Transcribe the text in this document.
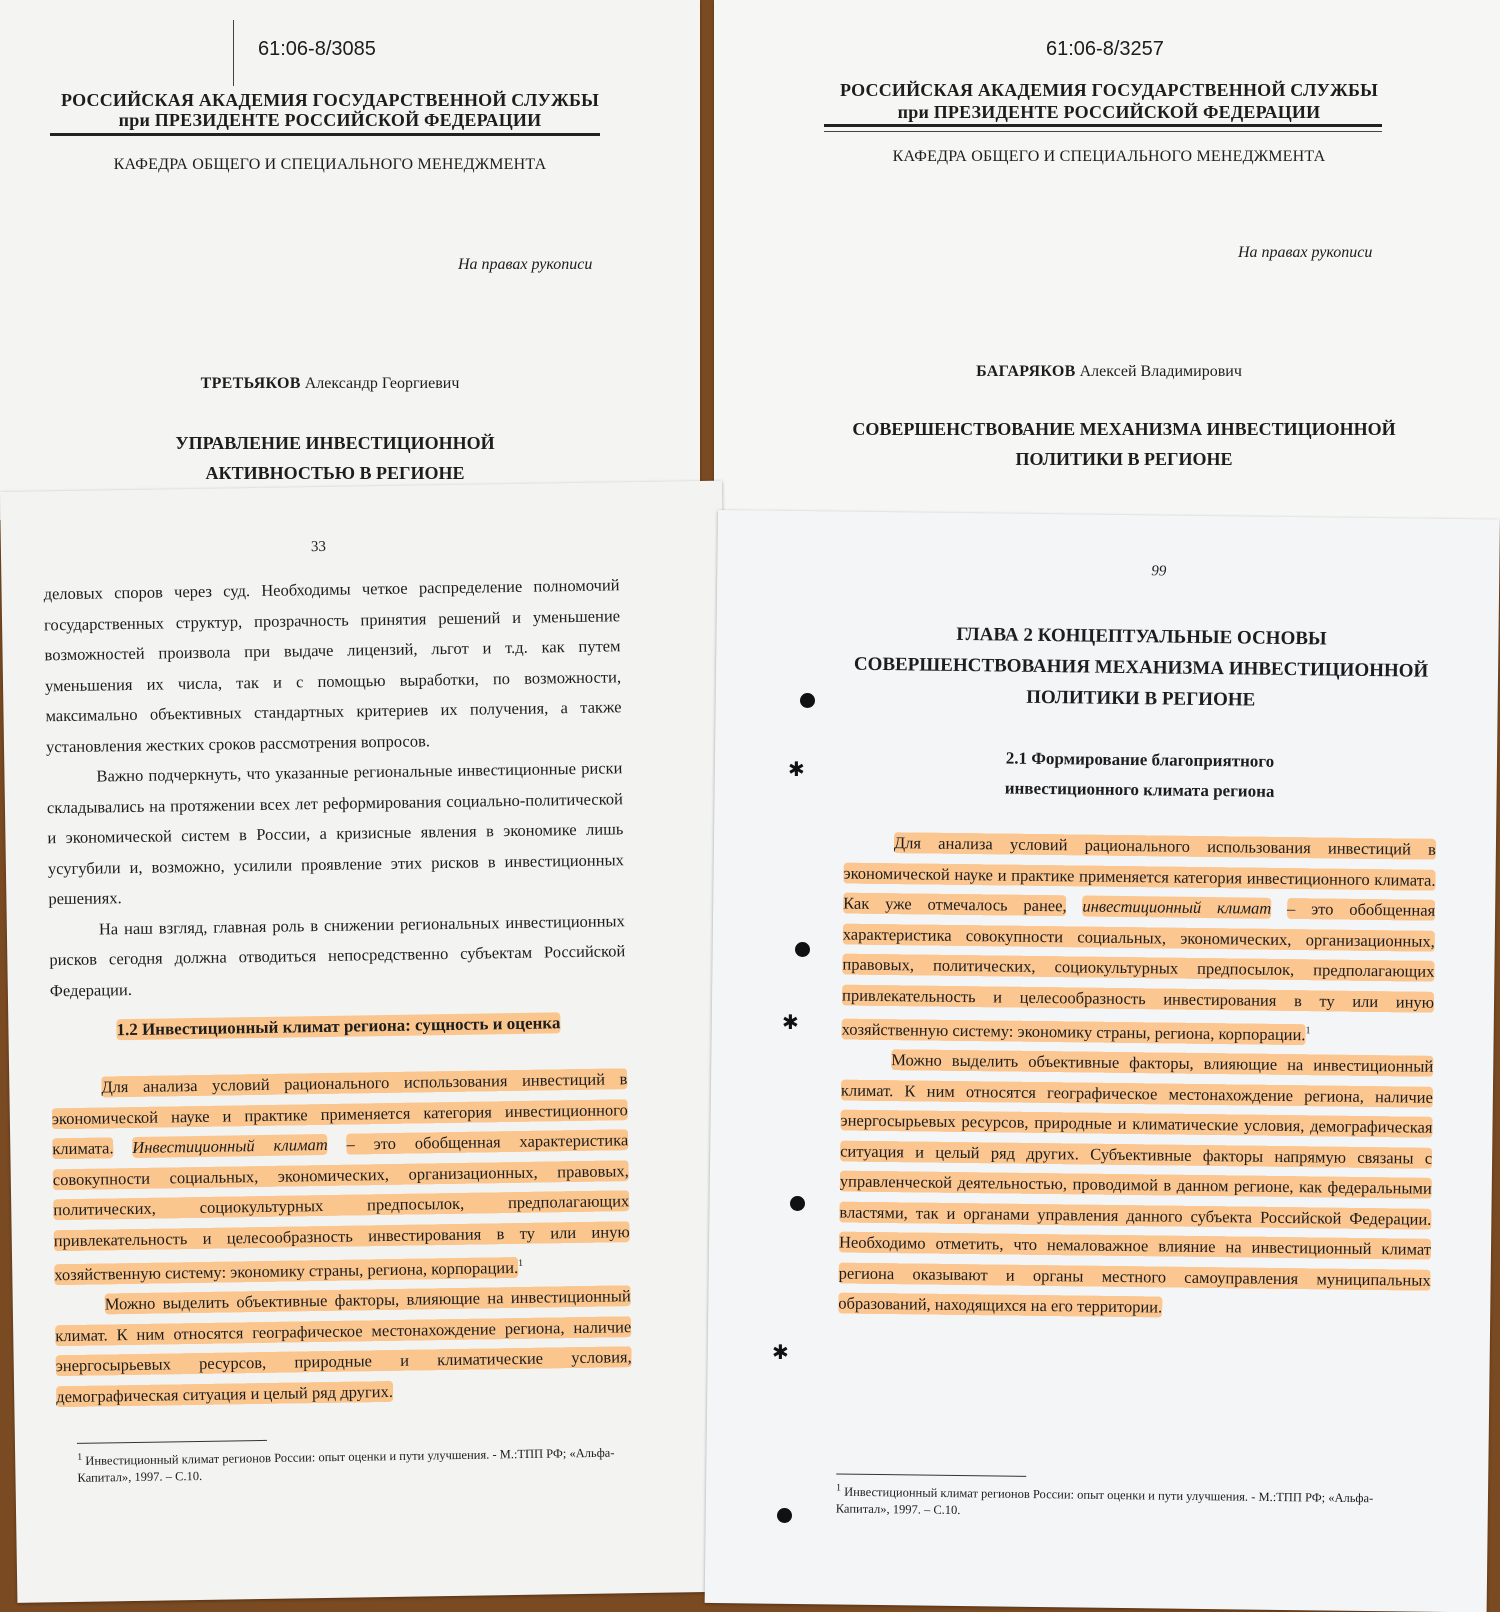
61:06-8/3085
РОССИЙСКАЯ АКАДЕМИЯ ГОСУДАРСТВЕННОЙ СЛУЖБЫ
при ПРЕЗИДЕНТЕ РОССИЙСКОЙ ФЕДЕРАЦИИ
КАФЕДРА ОБЩЕГО И СПЕЦИАЛЬНОГО МЕНЕДЖМЕНТА
На правах рукописи
ТРЕТЬЯКОВ Александр Георгиевич
УПРАВЛЕНИЕ ИНВЕСТИЦИОННОЙ
АКТИВНОСТЬЮ В РЕГИОНЕ
61:06-8/3257
РОССИЙСКАЯ АКАДЕМИЯ ГОСУДАРСТВЕННОЙ СЛУЖБЫ
при ПРЕЗИДЕНТЕ РОССИЙСКОЙ ФЕДЕРАЦИИ
КАФЕДРА ОБЩЕГО И СПЕЦИАЛЬНОГО МЕНЕДЖМЕНТА
На правах рукописи
БАГАРЯКОВ Алексей Владимирович
СОВЕРШЕНСТВОВАНИЕ МЕХАНИЗМА ИНВЕСТИЦИОННОЙ
ПОЛИТИКИ В РЕГИОНЕ
33

деловых споров через суд. Необходимы четкое распределение полномочий государственных структур, прозрачность принятия решений и уменьшение возможностей произвола при выдаче лицензий, льгот и т.д. как путем уменьшения их числа, так и с помощью выработки, по возможности, максимально объективных стандартных критериев их получения, а также установления жестких сроков рассмотрения вопросов.

Важно подчеркнуть, что указанные региональные инвестиционные риски складывались на протяжении всех лет реформирования социально-политической и экономической систем в России, а кризисные явления в экономике лишь усугубили и, возможно, усилили проявление этих рисков в инвестиционных решениях.

На наш взгляд, главная роль в снижении региональных инвестиционных рисков сегодня должна отводиться непосредственно субъектам Российской Федерации.

1.2 Инвестиционный климат региона: сущность и оценка

Для анализа условий рационального использования инвестиций в экономической науке и практике применяется категория инвестиционного климата. Инвестиционный климат – это обобщенная характеристика совокупности социальных, экономических, организационных, правовых, политических, социокультурных предпосылок, предполагающих привлекательность и целесообразность инвестирования в ту или иную хозяйственную систему: экономику страны, региона, корпорации.$^1$

Можно выделить объективные факторы, влияющие на инвестиционный климат. К ним относятся географическое местонахождение региона, наличие энергосырьевых ресурсов, природные и климатические условия, демографическая ситуация и целый ряд других.

$^1$ Инвестиционный климат регионов России: опыт оценки и пути улучшения. - М.:ТПП РФ; «Альфа-Капитал», 1997. – С.10.
99
ГЛАВА 2 КОНЦЕПТУАЛЬНЫЕ ОСНОВЫ
СОВЕРШЕНСТВОВАНИЯ МЕХАНИЗМА ИНВЕСТИЦИОННОЙ
ПОЛИТИКИ В РЕГИОНЕ
2.1 Формирование благоприятного
инвестиционного климата региона

Для анализа условий рационального использования инвестиций в экономической науке и практике применяется категория инвестиционного климата. Как уже отмечалось ранее, инвестиционный климат – это обобщенная характеристика совокупности социальных, экономических, организационных, правовых, политических, социокультурных предпосылок, предполагающих привлекательность и целесообразность инвестирования в ту или иную хозяйственную систему: экономику страны, региона, корпорации.$^1$

Можно выделить объективные факторы, влияющие на инвестиционный климат. К ним относятся географическое местонахождение региона, наличие энергосырьевых ресурсов, природные и климатические условия, демографическая ситуация и целый ряд других. Субъективные факторы напрямую связаны с управленческой деятельностью, проводимой в данном регионе, как федеральными властями, так и органами управления данного субъекта Российской Федерации. Необходимо отметить, что немаловажное влияние на инвестиционный климат региона оказывают и органы местного самоуправления муниципальных образований, находящихся на его территории.

$^1$ Инвестиционный климат регионов России: опыт оценки и пути улучшения. - М.:ТПП РФ; «Альфа-Капитал», 1997. – С.10.
✱
✱
✱
